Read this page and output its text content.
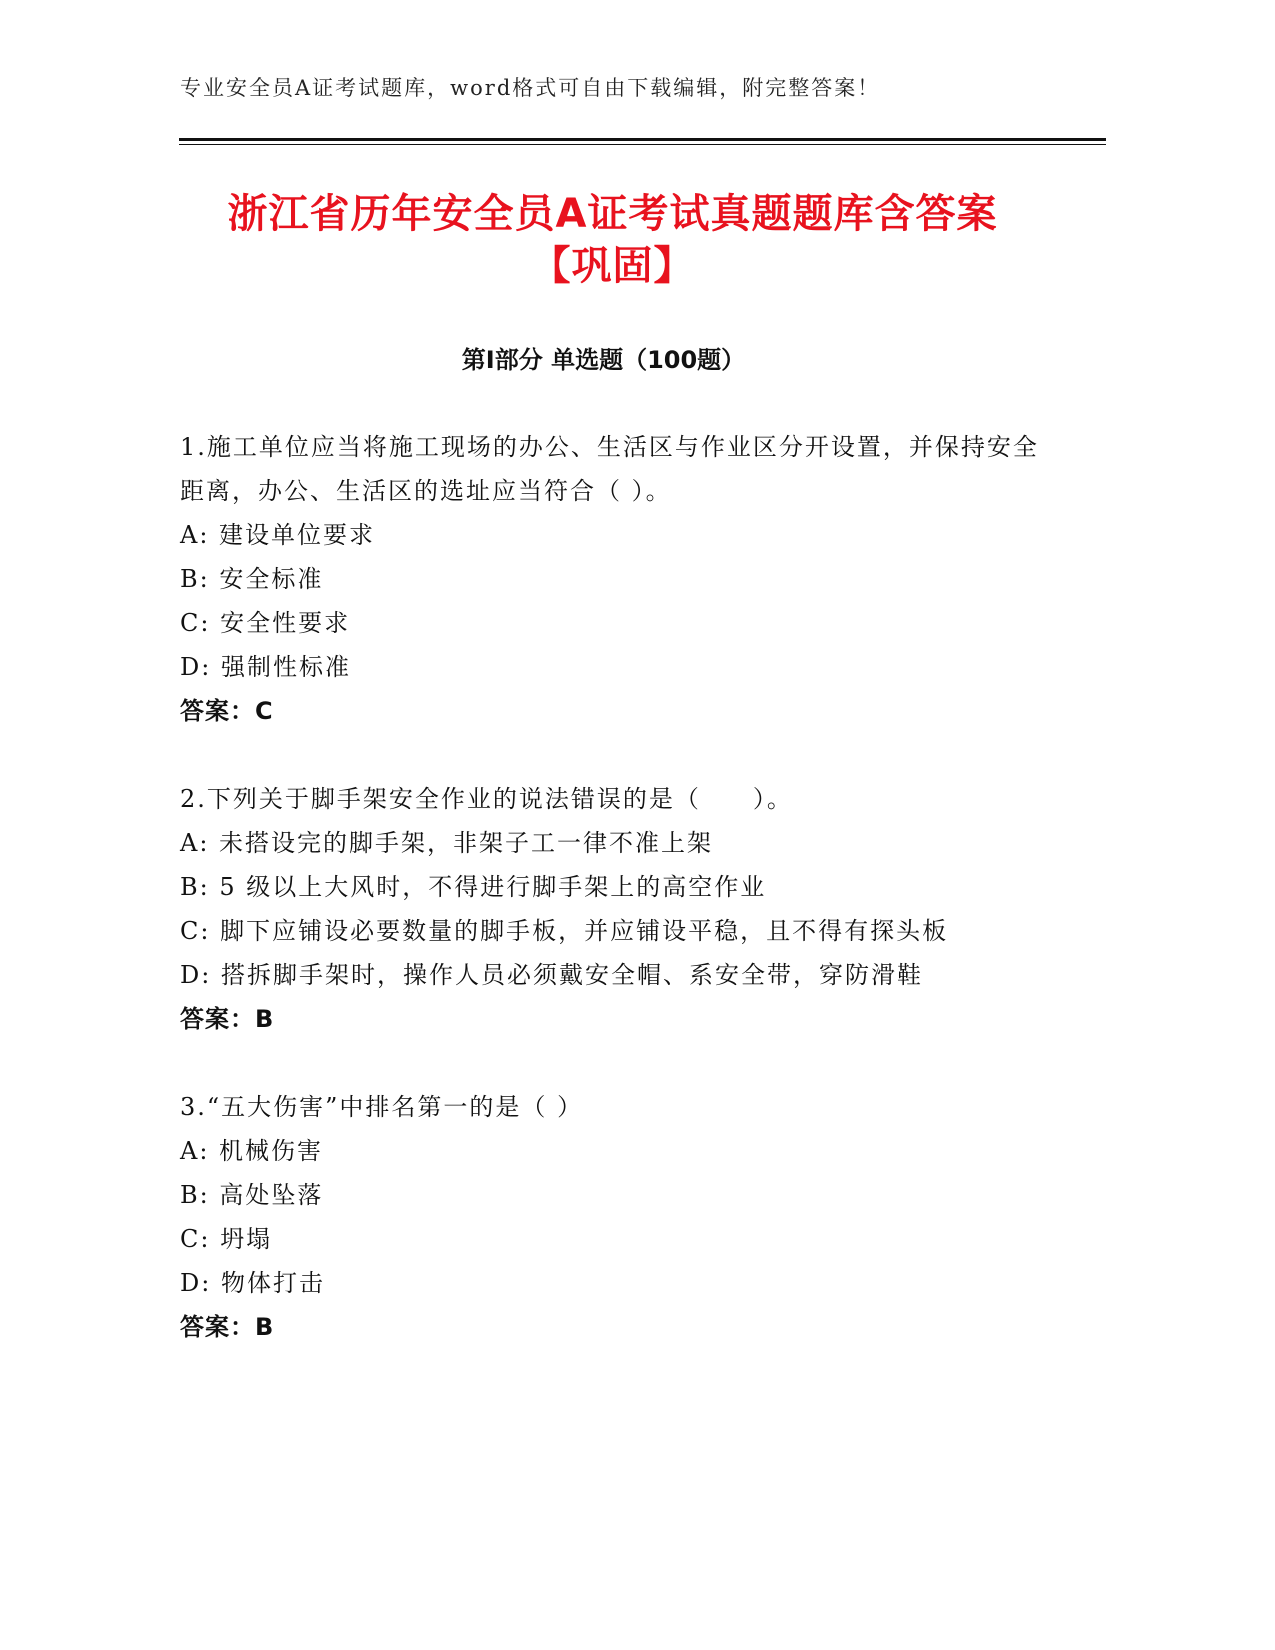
专业安全员A证考试题库，word格式可自由下载编辑，附完整答案！
浙江省历年安全员A证考试真题题库含答案
【巩固】
第Ⅰ部分 单选题（100题）
1.施工单位应当将施工现场的办公、生活区与作业区分开设置，并保持安全距离，办公、生活区的选址应当符合（ ）。
A: 建设单位要求
B: 安全标准
C: 安全性要求
D: 强制性标准
答案：C
2.下列关于脚手架安全作业的说法错误的是（　　）。
A: 未搭设完的脚手架，非架子工一律不准上架
B: 5 级以上大风时，不得进行脚手架上的高空作业
C: 脚下应铺设必要数量的脚手板，并应铺设平稳，且不得有探头板
D: 搭拆脚手架时，操作人员必须戴安全帽、系安全带，穿防滑鞋
答案：B
3.“五大伤害”中排名第一的是（ ）
A: 机械伤害
B: 高处坠落
C: 坍塌
D: 物体打击
答案：B
